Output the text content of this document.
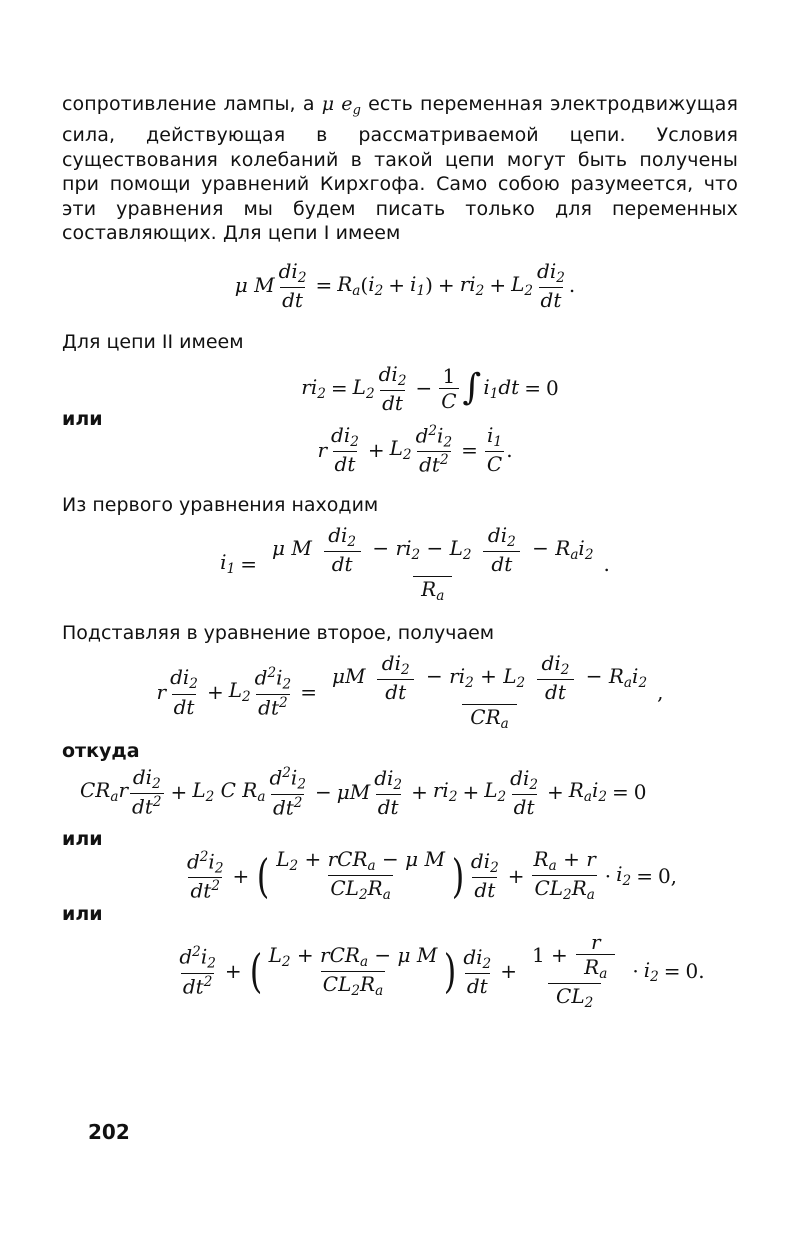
сопротивление лампы, а μ $e_g$ есть переменная электродвижущая сила, действующая в рассматриваемой цепи. Условия существования колебаний в такой цепи могут быть получены при помощи уравнений Кирхгофа. Само собою разумеется, что эти уравнения мы будем писать только для переменных составляющих. Для цепи I имеем

μ M $\frac{di_2}{dt} = R_a$ ( $i_2 + i_1$ ) + $ri_2 + L_2 \frac{di_2}{dt}$ .

Для цепи II имеем

$ri_2 = L_2 \frac{di_2}{dt} - \frac{1}{C}$ ∫ $i_1dt = 0$

или

r $\frac{di_2}{dt} + L_2 \frac{d^2i_2}{dt^2} = \frac{i_1}{C}$ .

Из первого уравнения находим

$i_1 = \frac{\mu M \frac{di_2}{dt} - ri_2 - L_2 \frac{di_2}{dt} - R_ai_2}{R_a}$ .

Подставляя в уравнение второе, получаем

r $\frac{di_2}{dt} + L_2 \frac{d^2i_2}{dt^2} = \frac{\mu M \frac{di_2}{dt} - ri_2 + L_2 \frac{di_2}{dt} - R_ai_2}{CR_a}$ ,

откуда

$CR_ar \frac{di_2}{dt^2} + L_2$ C $R_a \frac{d^2i_2}{dt^2} - \mu M \frac{di_2}{dt} + ri_2 + L_2 \frac{di_2}{dt} + R_ai_2 = 0$

или

$\frac{d^2i_2}{dt^2}$ + ( $\frac{L_2 + rCR_a - \mu M}{CL_2R_a}$ ) $\frac{di_2}{dt} + \frac{R_a + r}{CL_2R_a} \cdot i_2 = 0$,

или

$\frac{d^2i_2}{dt^2}$ + ( $\frac{L_2 + rCR_a - \mu M}{CL_2R_a}$ ) $\frac{di_2}{dt} + \frac{1 + \frac{r}{R_a}}{CL_2} \cdot i_2 = 0$.
202
